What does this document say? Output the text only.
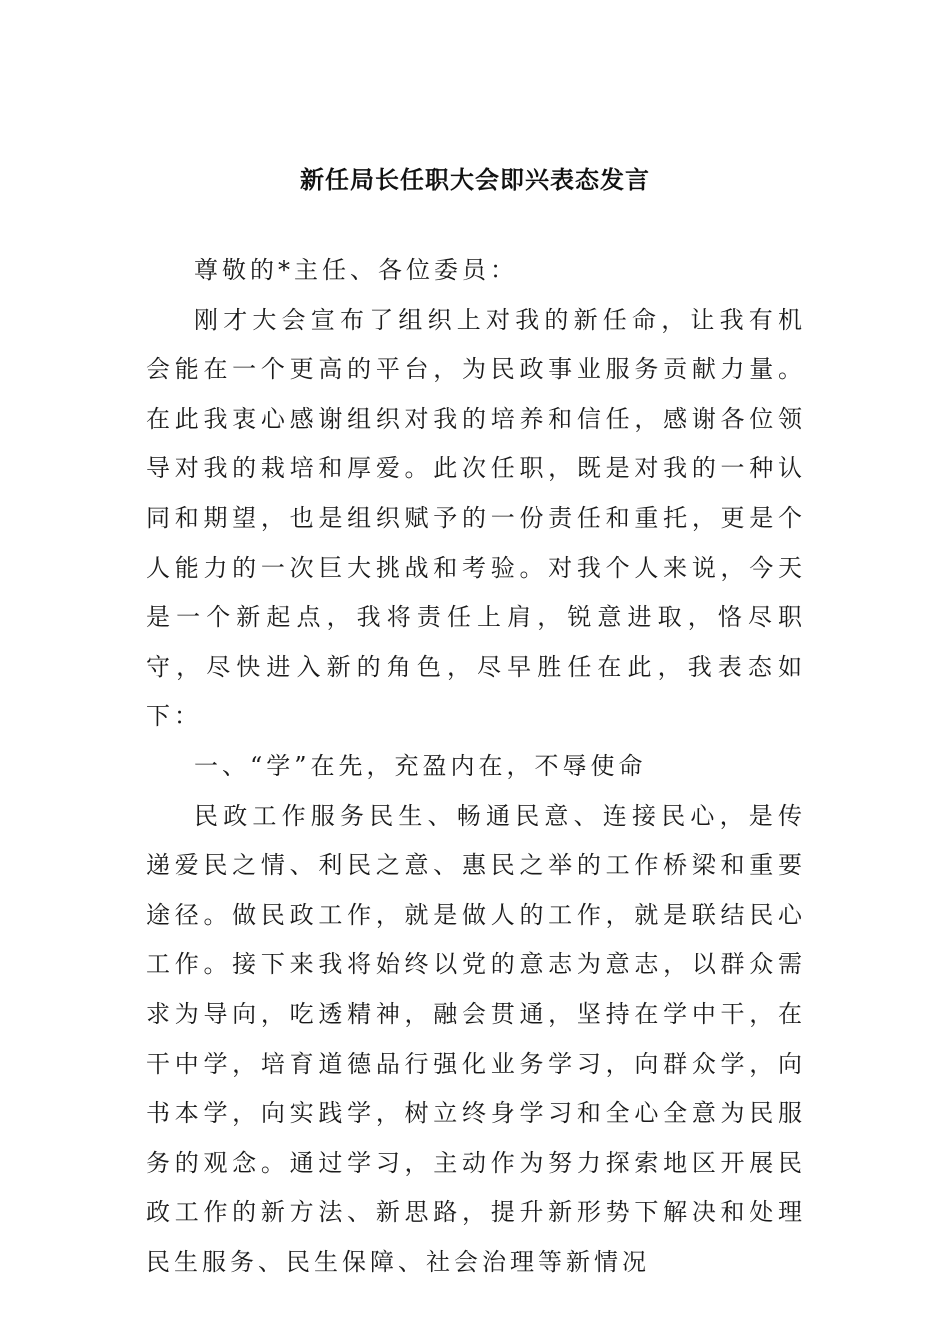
新任局长任职大会即兴表态发言

尊敬的*主任、各位委员：

刚才大会宣布了组织上对我的新任命，让我有机会能在一个更高的平台，为民政事业服务贡献力量。在此我衷心感谢组织对我的培养和信任，感谢各位领导对我的栽培和厚爱。此次任职，既是对我的一种认同和期望，也是组织赋予的一份责任和重托，更是个人能力的一次巨大挑战和考验。对我个人来说，今天是一个新起点，我将责任上肩，锐意进取，恪尽职守，尽快进入新的角色，尽早胜任在此，我表态如下：

一、“学”在先，充盈内在，不辱使命

民政工作服务民生、畅通民意、连接民心，是传递爱民之情、利民之意、惠民之举的工作桥梁和重要途径。做民政工作，就是做人的工作，就是联结民心工作。接下来我将始终以党的意志为意志，以群众需求为导向，吃透精神，融会贯通，坚持在学中干，在干中学，培育道德品行强化业务学习，向群众学，向书本学，向实践学，树立终身学习和全心全意为民服务的观念。通过学习，主动作为努力探索地区开展民政工作的新方法、新思路，提升新形势下解决和处理民生服务、民生保障、社会治理等新情况
